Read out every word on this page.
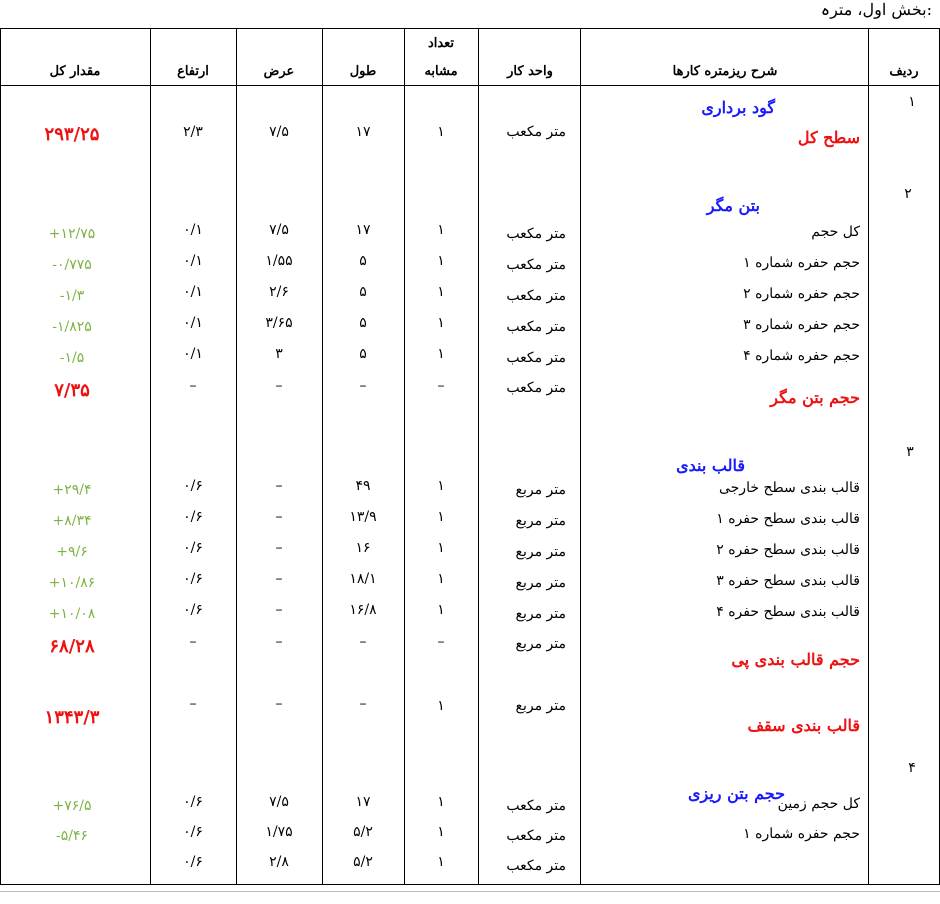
بخش اول، مترہ:
ردیف
شرح ریزمتره کارها
واحد کار
تعداد
مشابه
طول
عرض
ارتفاع
مقدار کل
۱
گود برداری
سطح کل
متر مکعب
۱
۱۷
۷/۵
۲/۳
۲۹۳/۲۵
۲
بتن مگر
کل حجم
متر مکعب
۱
۱۷
۷/۵
۰/۱
+۱۲/۷۵
حجم حفره شماره ۱
متر مکعب
۱
۵
۱/۵۵
۰/۱
-۰/۷۷۵
حجم حفره شماره ۲
متر مکعب
۱
۵
۲/۶
۰/۱
-۱/۳
حجم حفره شماره ۳
متر مکعب
۱
۵
۳/۶۵
۰/۱
-۱/۸۲۵
حجم حفره شماره ۴
متر مکعب
۱
۵
۳
۰/۱
-۱/۵
حجم بتن مگر
متر مکعب
–
–
–
–
۷/۳۵
۳
قالب بندی
قالب بندی سطح خارجی
متر مربع
۱
۴۹
–
۰/۶
+۲۹/۴
قالب بندی سطح حفره ۱
متر مربع
۱
۱۳/۹
–
۰/۶
+۸/۳۴
قالب بندی سطح حفره ۲
متر مربع
۱
۱۶
–
۰/۶
+۹/۶
قالب بندی سطح حفره ۳
متر مربع
۱
۱۸/۱
–
۰/۶
+۱۰/۸۶
قالب بندی سطح حفره ۴
متر مربع
۱
۱۶/۸
–
۰/۶
+۱۰/۰۸
حجم قالب بندی پی
متر مربع
–
–
–
–
۶۸/۲۸
قالب بندی سقف
متر مربع
۱
–
–
–
۱۳۴۳/۳
۴
حجم بتن ریزی
کل حجم زمین
متر مکعب
۱
۱۷
۷/۵
۰/۶
+۷۶/۵
حجم حفره شماره ۱
متر مکعب
۱
۵/۲
۱/۷۵
۰/۶
-۵/۴۶
متر مکعب
۱
۵/۲
۲/۸
۰/۶
